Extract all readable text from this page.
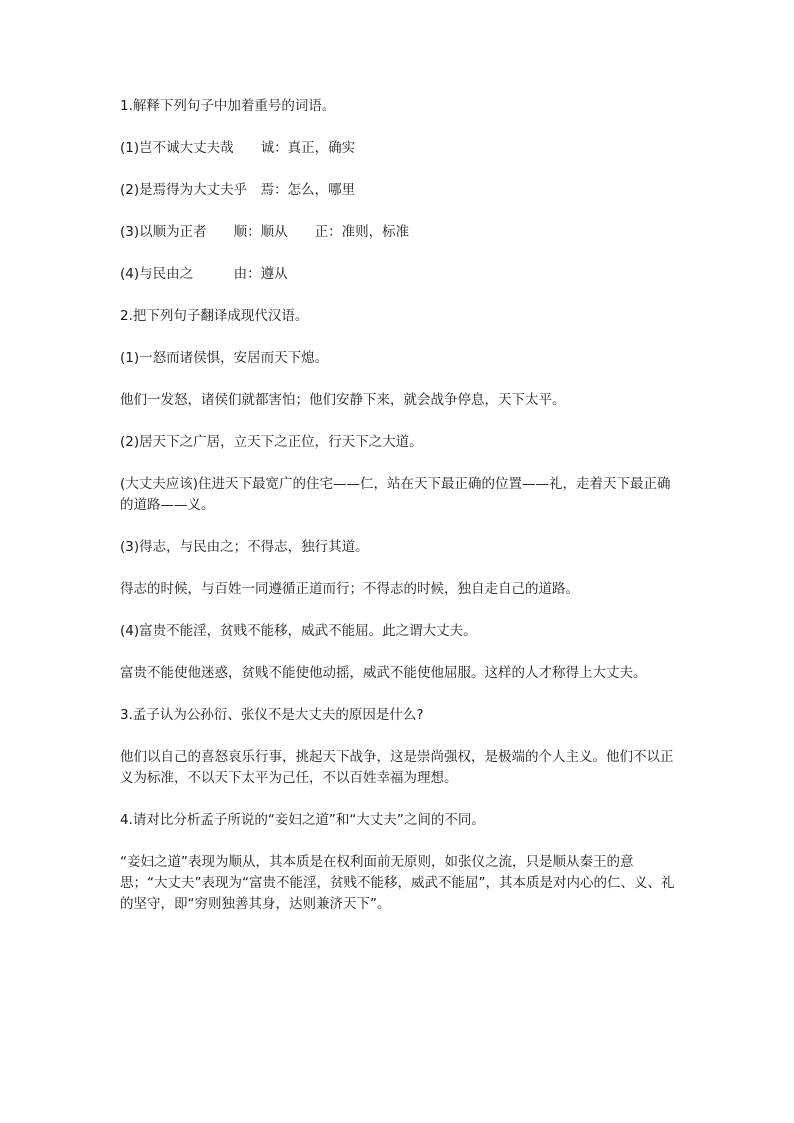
1.解释下列句子中加着重号的词语。

(1)岂不诚大丈夫哉　　诚：真正，确实

(2)是焉得为大丈夫乎　焉：怎么，哪里

(3)以顺为正者　　顺：顺从　　正：准则，标准

(4)与民由之　　　由：遵从

2.把下列句子翻译成现代汉语。

(1)一怒而诸侯惧，安居而天下熄。

他们一发怒，诸侯们就都害怕；他们安静下来，就会战争停息，天下太平。

(2)居天下之广居，立天下之正位，行天下之大道。

(大丈夫应该)住进天下最宽广的住宅——仁，站在天下最正确的位置——礼，走着天下最正确的道路——义。

(3)得志，与民由之；不得志，独行其道。

得志的时候，与百姓一同遵循正道而行；不得志的时候，独自走自己的道路。

(4)富贵不能淫，贫贱不能移，威武不能屈。此之谓大丈夫。

富贵不能使他迷惑，贫贱不能使他动摇，威武不能使他屈服。这样的人才称得上大丈夫。

3.孟子认为公孙衍、张仪不是大丈夫的原因是什么?

他们以自己的喜怒哀乐行事，挑起天下战争，这是崇尚强权，是极端的个人主义。他们不以正义为标准，不以天下太平为己任，不以百姓幸福为理想。

4.请对比分析孟子所说的“妾妇之道”和“大丈夫”之间的不同。

“妾妇之道”表现为顺从，其本质是在权利面前无原则，如张仪之流，只是顺从秦王的意思；“大丈夫”表现为“富贵不能淫，贫贱不能移，威武不能屈”，其本质是对内心的仁、义、礼的坚守，即“穷则独善其身，达则兼济天下”。
